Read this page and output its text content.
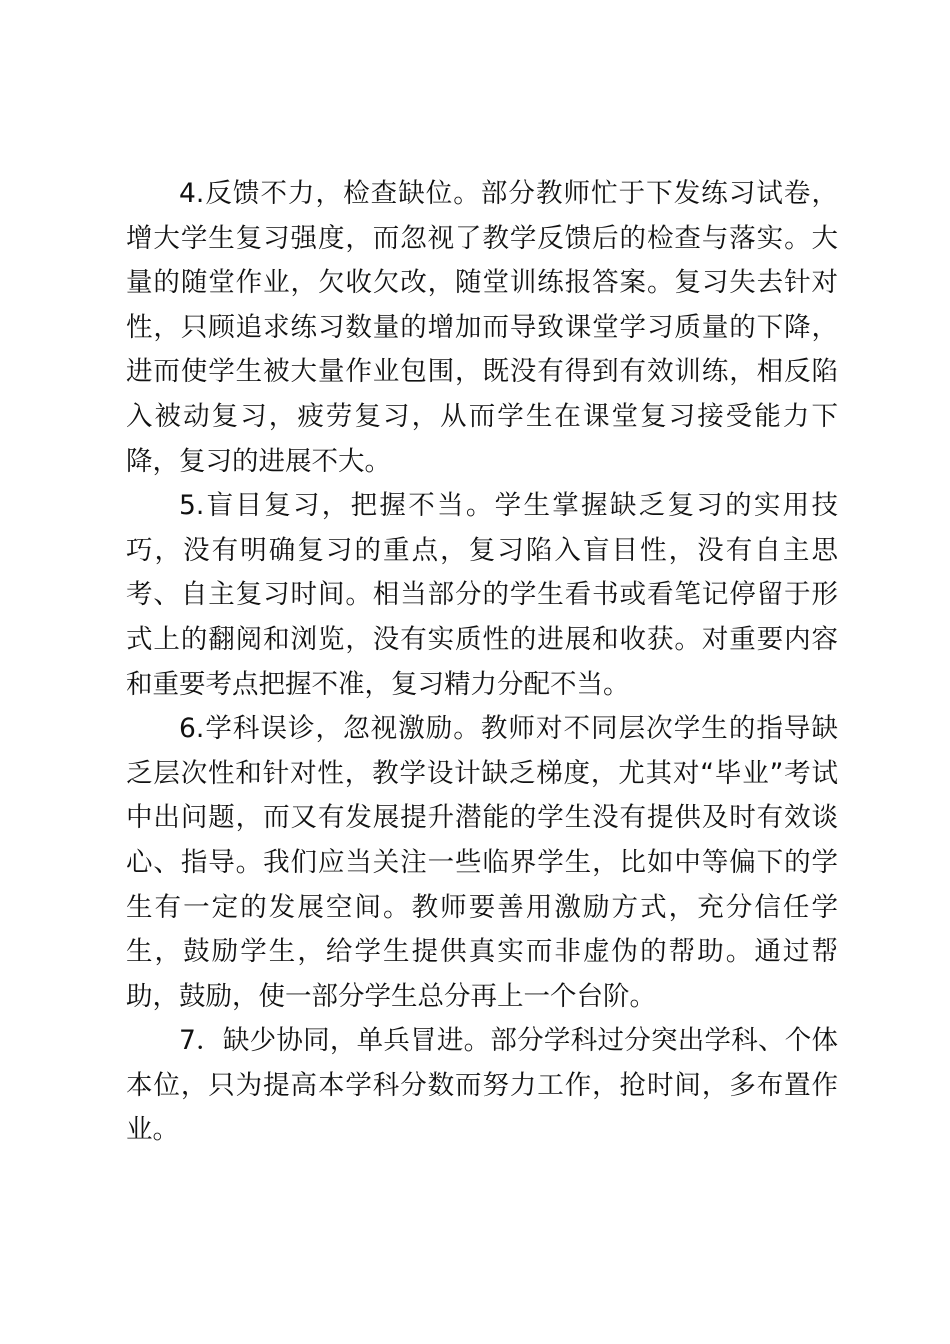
4.反馈不力，检查缺位。部分教师忙于下发练习试卷，增大学生复习强度，而忽视了教学反馈后的检查与落实。大量的随堂作业，欠收欠改，随堂训练报答案。复习失去针对性，只顾追求练习数量的增加而导致课堂学习质量的下降，进而使学生被大量作业包围，既没有得到有效训练，相反陷入被动复习，疲劳复习，从而学生在课堂复习接受能力下降，复习的进展不大。

5.盲目复习，把握不当。学生掌握缺乏复习的实用技巧，没有明确复习的重点，复习陷入盲目性，没有自主思考、自主复习时间。相当部分的学生看书或看笔记停留于形式上的翻阅和浏览，没有实质性的进展和收获。对重要内容和重要考点把握不准，复习精力分配不当。

6.学科误诊，忽视激励。教师对不同层次学生的指导缺乏层次性和针对性，教学设计缺乏梯度，尤其对“毕业”考试中出问题，而又有发展提升潜能的学生没有提供及时有效谈心、指导。我们应当关注一些临界学生，比如中等偏下的学生有一定的发展空间。教师要善用激励方式，充分信任学生，鼓励学生，给学生提供真实而非虚伪的帮助。通过帮助，鼓励，使一部分学生总分再上一个台阶。

7．缺少协同，单兵冒进。部分学科过分突出学科、个体本位，只为提高本学科分数而努力工作，抢时间，多布置作业。
